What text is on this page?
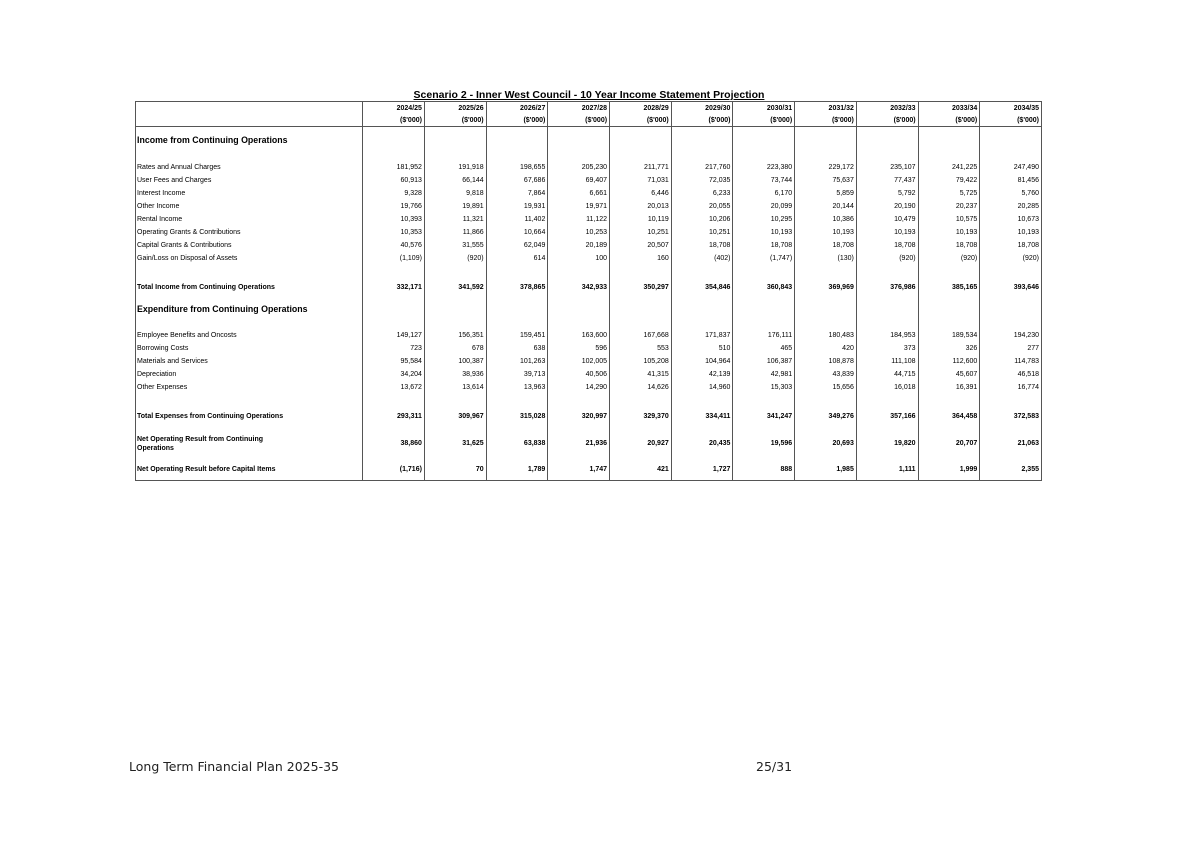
Scenario 2 - Inner West Council - 10 Year Income Statement Projection
	2024/25	2025/26	2026/27	2027/28	2028/29	2029/30	2030/31	2031/32	2032/33	2033/34	2034/35
	($'000)	($'000)	($'000)	($'000)	($'000)	($'000)	($'000)	($'000)	($'000)	($'000)	($'000)
Income from Continuing Operations											

Rates and Annual Charges	181,952	191,918	198,655	205,230	211,771	217,760	223,380	229,172	235,107	241,225	247,490
User Fees and Charges	60,913	66,144	67,686	69,407	71,031	72,035	73,744	75,637	77,437	79,422	81,456
Interest Income	9,328	9,818	7,864	6,661	6,446	6,233	6,170	5,859	5,792	5,725	5,760
Other Income	19,766	19,891	19,931	19,971	20,013	20,055	20,099	20,144	20,190	20,237	20,285
Rental Income	10,393	11,321	11,402	11,122	10,119	10,206	10,295	10,386	10,479	10,575	10,673
Operating Grants & Contributions	10,353	11,866	10,664	10,253	10,251	10,251	10,193	10,193	10,193	10,193	10,193
Capital Grants & Contributions	40,576	31,555	62,049	20,189	20,507	18,708	18,708	18,708	18,708	18,708	18,708
Gain/Loss on Disposal of Assets	(1,109)	(920)	614	100	160	(402)	(1,747)	(130)	(920)	(920)	(920)

Total Income from Continuing Operations	332,171	341,592	378,865	342,933	350,297	354,846	360,843	369,969	376,986	385,165	393,646
Expenditure from Continuing Operations											

Employee Benefits and Oncosts	149,127	156,351	159,451	163,600	167,668	171,837	176,111	180,483	184,953	189,534	194,230
Borrowing Costs	723	678	638	596	553	510	465	420	373	326	277
Materials and Services	95,584	100,387	101,263	102,005	105,208	104,964	106,387	108,878	111,108	112,600	114,783
Depreciation	34,204	38,936	39,713	40,506	41,315	42,139	42,981	43,839	44,715	45,607	46,518
Other Expenses	13,672	13,614	13,963	14,290	14,626	14,960	15,303	15,656	16,018	16,391	16,774

Total Expenses from Continuing Operations	293,311	309,967	315,028	320,997	329,370	334,411	341,247	349,276	357,166	364,458	372,583

Net Operating Result from Continuing
Operations	38,860	31,625	63,838	21,936	20,927	20,435	19,596	20,693	19,820	20,707	21,063
Net Operating Result before Capital Items	(1,716)	70	1,789	1,747	421	1,727	888	1,985	1,111	1,999	2,355
Long Term Financial Plan 2025-35	25/31
